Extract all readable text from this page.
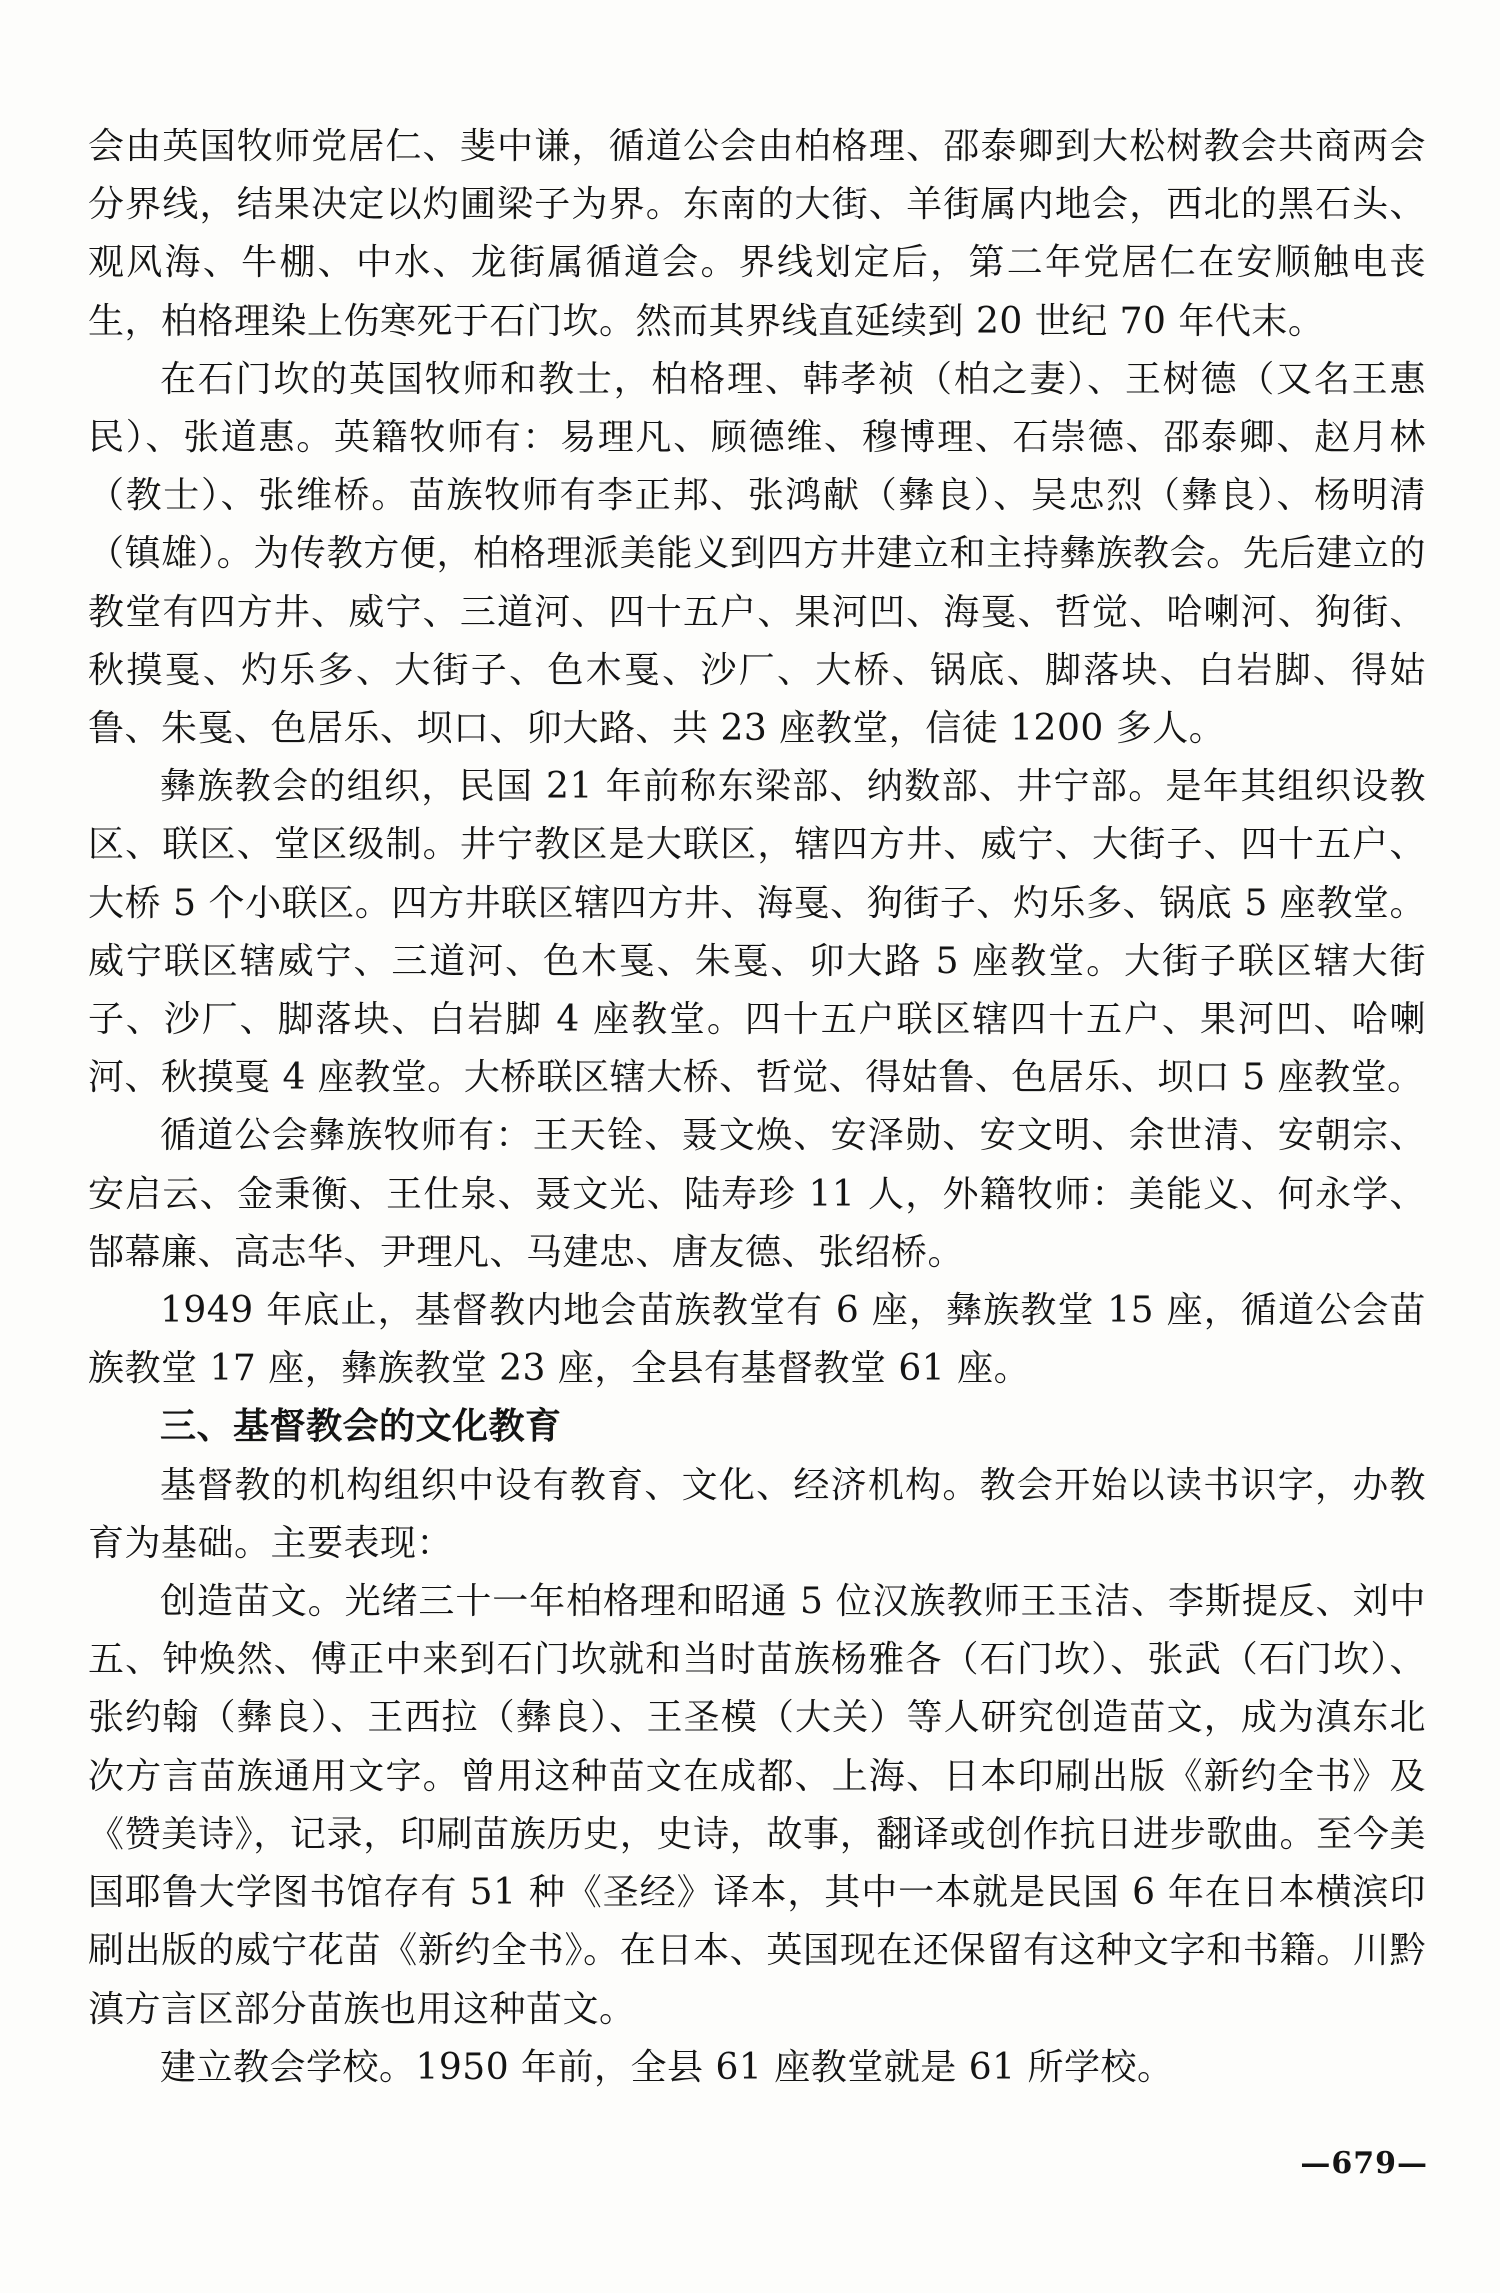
会由英国牧师党居仁、斐中谦，循道公会由柏格理、邵泰卿到大松树教会共商两会分界线，结果决定以灼圃梁子为界。东南的大街、羊街属内地会，西北的黑石头、观风海、牛棚、中水、龙街属循道会。界线划定后，第二年党居仁在安顺触电丧生，柏格理染上伤寒死于石门坎。然而其界线直延续到 20 世纪 70 年代末。

在石门坎的英国牧师和教士，柏格理、韩孝祯（柏之妻）、王树德（又名王惠民）、张道惠。英籍牧师有：易理凡、顾德维、穆博理、石崇德、邵泰卿、赵月林（教士）、张维桥。苗族牧师有李正邦、张鸿献（彝良）、吴忠烈（彝良）、杨明清（镇雄）。为传教方便，柏格理派美能义到四方井建立和主持彝族教会。先后建立的教堂有四方井、威宁、三道河、四十五户、果河凹、海戛、哲觉、哈喇河、狗街、秋摸戛、灼乐多、大街子、色木戛、沙厂、大桥、锅底、脚落块、白岩脚、得姑鲁、朱戛、色居乐、坝口、卯大路、共 23 座教堂，信徒 1200 多人。

彝族教会的组织，民国 21 年前称东梁部、纳数部、井宁部。是年其组织设教区、联区、堂区级制。井宁教区是大联区，辖四方井、威宁、大街子、四十五户、大桥 5 个小联区。四方井联区辖四方井、海戛、狗街子、灼乐多、锅底 5 座教堂。威宁联区辖威宁、三道河、色木戛、朱戛、卯大路 5 座教堂。大街子联区辖大街子、沙厂、脚落块、白岩脚 4 座教堂。四十五户联区辖四十五户、果河凹、哈喇河、秋摸戛 4 座教堂。大桥联区辖大桥、哲觉、得姑鲁、色居乐、坝口 5 座教堂。

循道公会彝族牧师有：王天铨、聂文焕、安泽勋、安文明、余世清、安朝宗、安启云、金秉衡、王仕泉、聂文光、陆寿珍 11 人，外籍牧师：美能义、何永学、郜幕廉、高志华、尹理凡、马建忠、唐友德、张绍桥。

1949 年底止，基督教内地会苗族教堂有 6 座，彝族教堂 15 座，循道公会苗族教堂 17 座，彝族教堂 23 座，全县有基督教堂 61 座。

三、基督教会的文化教育

基督教的机构组织中设有教育、文化、经济机构。教会开始以读书识字，办教育为基础。主要表现：

创造苗文。光绪三十一年柏格理和昭通 5 位汉族教师王玉洁、李斯提反、刘中五、钟焕然、傅正中来到石门坎就和当时苗族杨雅各（石门坎）、张武（石门坎）、张约翰（彝良）、王西拉（彝良）、王圣模（大关）等人研究创造苗文，成为滇东北次方言苗族通用文字。曾用这种苗文在成都、上海、日本印刷出版《新约全书》及《赞美诗》，记录，印刷苗族历史，史诗，故事，翻译或创作抗日进步歌曲。至今美国耶鲁大学图书馆存有 51 种《圣经》译本，其中一本就是民国 6 年在日本横滨印刷出版的威宁花苗《新约全书》。在日本、英国现在还保留有这种文字和书籍。川黔滇方言区部分苗族也用这种苗文。

建立教会学校。1950 年前，全县 61 座教堂就是 61 所学校。

—679—
